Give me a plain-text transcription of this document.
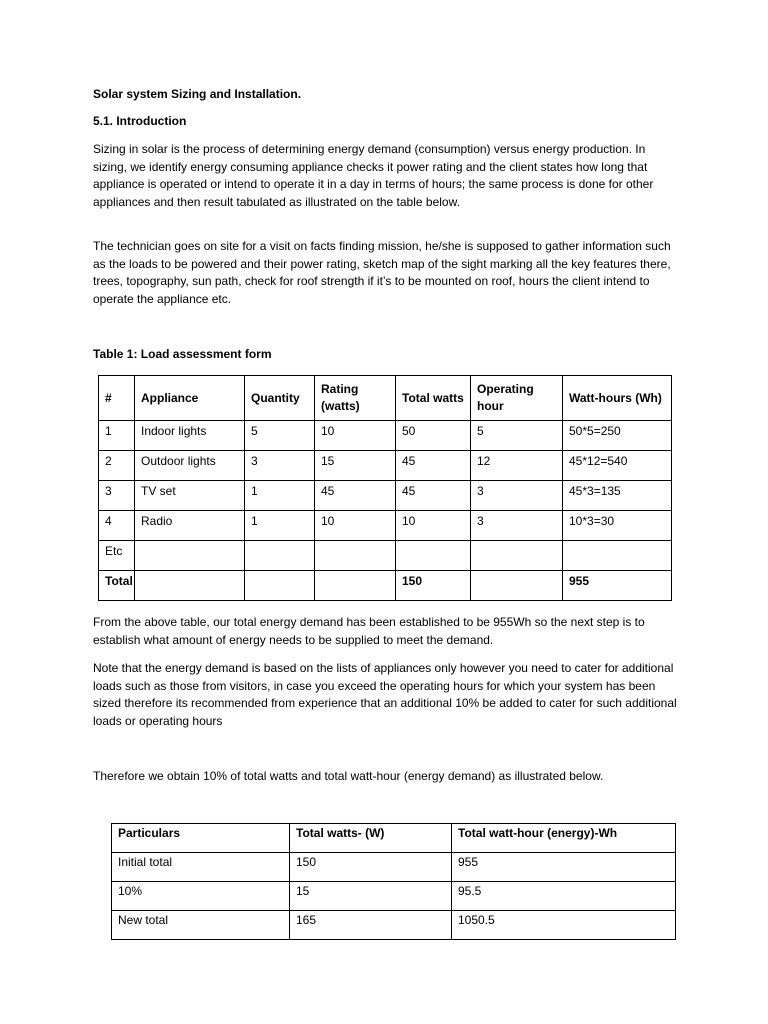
Solar system Sizing and Installation.
5.1. Introduction
Sizing in solar is the process of determining energy demand (consumption) versus energy production. In sizing, we identify energy consuming appliance checks it power rating and the client states how long that appliance is operated or intend to operate it in a day in terms of hours; the same process is done for other appliances and then result tabulated as illustrated on the table below.
The technician goes on site for a visit on facts finding mission, he/she is supposed to gather information such as the loads to be powered and their power rating, sketch map of the sight marking all the key features there, trees, topography, sun path, check for roof strength if it’s to be mounted on roof, hours the client intend to operate the appliance etc.
Table 1: Load assessment form
#	Appliance	Quantity	Rating (watts)	Total watts	Operating hour	Watt-hours (Wh)
1	Indoor lights	5	10	50	5	50*5=250
2	Outdoor lights	3	15	45	12	45*12=540
3	TV set	1	45	45	3	45*3=135
4	Radio	1	10	10	3	10*3=30
Etc						
Total				150		955
From the above table, our total energy demand has been established to be 955Wh so the next step is to establish what amount of energy needs to be supplied to meet the demand.
Note that the energy demand is based on the lists of appliances only however you need to cater for additional loads such as those from visitors, in case you exceed the operating hours for which your system has been sized therefore its recommended from experience that an additional 10% be added to cater for such additional loads or operating hours
Therefore we obtain 10% of total watts and total watt-hour (energy demand) as illustrated below.
Particulars	Total watts- (W)	Total watt-hour (energy)-Wh
Initial total	150	955
10%	15	95.5
New total	165	1050.5
